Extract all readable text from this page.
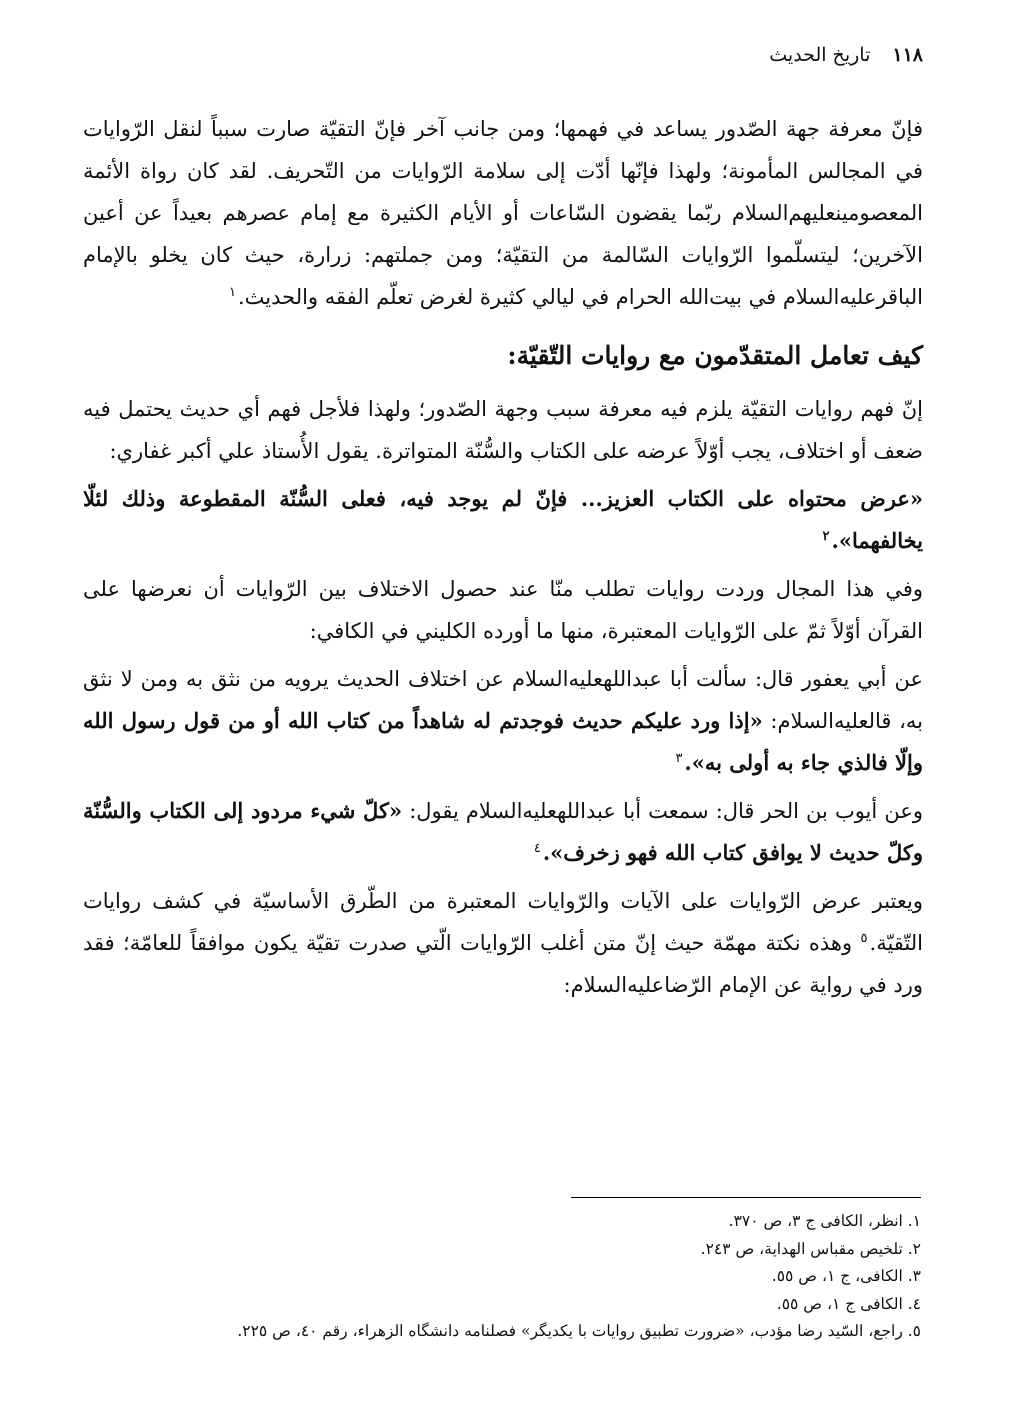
١١٨
تاریخ الحدیث

فإنّ معرفة جهة الصّدور يساعد في فهمها؛ ومن جانب آخر فإنّ التقيّة صارت سبباً لنقل الرّوايات في المجالس المأمونة؛ ولهذا فإنّها أدّت إلى سلامة الرّوايات من التّحريف. لقد كان رواة الأئمة المعصومينعليهم‌السلام ربّما يقضون السّاعات أو الأيام الكثيرة مع إمام عصرهم بعيداً عن أعين الآخرين؛ ليتسلّموا الرّوايات السّالمة من التقيّة؛ ومن جملتهم: زرارة، حيث كان يخلو بالإمام الباقرعليه‌السلام في بيت‌الله الحرام في ليالي كثيرة لغرض تعلّم الفقه والحديث.$^١$

كيف تعامل المتقدّمون مع روايات التّقيّة:

إنّ فهم روايات التقيّة يلزم فيه معرفة سبب وجهة الصّدور؛ ولهذا فلأجل فهم أي حديث يحتمل فيه ضعف أو اختلاف، يجب أوّلاً عرضه على الكتاب والسُّنّة المتواترة. يقول الأُستاذ علي أكبر غفاري:

«عرض محتواه على الكتاب العزيز... فإنّ لم يوجد فيه، فعلى السُّنّة المقطوعة وذلك لئلّا يخالفهما».$^٢$

وفي هذا المجال وردت روايات تطلب منّا عند حصول الاختلاف بين الرّوايات أن نعرضها على القرآن أوّلاً ثمّ على الرّوايات المعتبرة، منها ما أورده الكليني في الكافي:

عن أبي يعفور قال: سألت أبا عبداللهعليه‌السلام عن اختلاف الحديث يرويه من نثق به ومن لا نثق به، قالعليه‌السلام: «إذا ورد عليكم حديث فوجدتم له شاهداً من كتاب الله أو من قول رسول الله وإلّا فالذي جاء به أولى به».$^٣$

وعن أيوب بن الحر قال: سمعت أبا عبداللهعليه‌السلام يقول: «كلّ شيء مردود إلى الكتاب والسُّنّة وكلّ حديث لا يوافق كتاب الله فهو زخرف».$^٤$

ويعتبر عرض الرّوايات على الآيات والرّوايات المعتبرة من الطّرق الأساسيّة في كشف روايات التّقيّة.$^٥$ وهذه نكتة مهمّة حيث إنّ متن أغلب الرّوايات الّتي صدرت تقيّة يكون موافقاً للعامّة؛ فقد ورد في رواية عن الإمام الرّضاعليه‌السلام:

١. انظر، الكافی ج ٣، ص ٣٧٠.
٢. تلخيص مقباس الهداية، ص ٢٤٣.
٣. الكافی، ج ١، ص ٥٥.
٤. الكافی ج ١، ص ٥٥.
٥. راجع، السّيد رضا مؤدب، «ضرورت تطبيق روايات با يكديگر» فصلنامه دانشگاه الزهراء، رقم ٤٠، ص ٢٢٥.
